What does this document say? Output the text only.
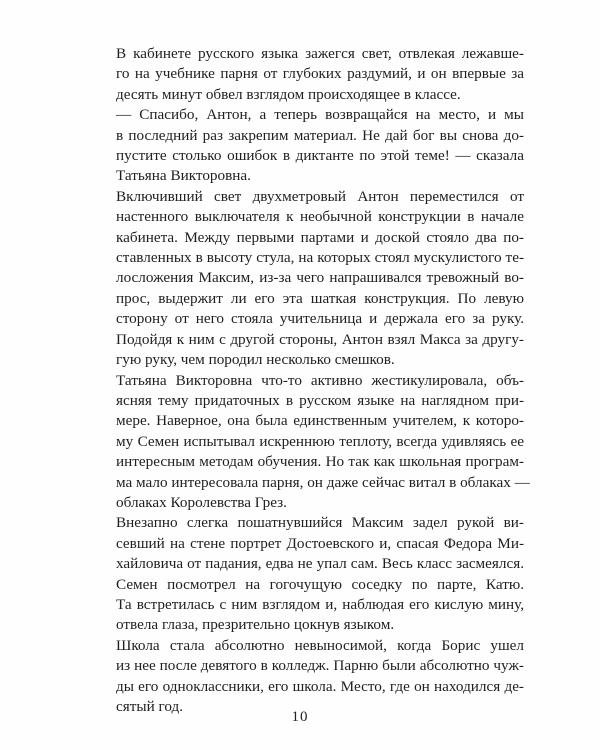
В кабинете русского языка зажегся свет, отвлекая лежавше-
го на учебнике парня от глубоких раздумий, и он впервые за
десять минут обвел взглядом происходящее в классе.

— Спасибо, Антон, а теперь возвращайся на место, и мы
в последний раз закрепим материал. Не дай бог вы снова до-
пустите столько ошибок в диктанте по этой теме! — сказала
Татьяна Викторовна.

Включивший свет двухметровый Антон переместился от
настенного выключателя к необычной конструкции в начале
кабинета. Между первыми партами и доской стояло два по-
ставленных в высоту стула, на которых стоял мускулистого те-
лосложения Максим, из-за чего напрашивался тревожный во-
прос, выдержит ли его эта шаткая конструкция. По левую
сторону от него стояла учительница и держала его за руку.
Подойдя к ним с другой стороны, Антон взял Макса за другу-
гую руку, чем породил несколько смешков.

Татьяна Викторовна что-то активно жестикулировала, объ-
ясняя тему придаточных в русском языке на наглядном при-
мере. Наверное, она была единственным учителем, к которо-
му Семен испытывал искреннюю теплоту, всегда удивляясь ее
интересным методам обучения. Но так как школьная програм-
ма мало интересовала парня, он даже сейчас витал в облаках —
облаках Королевства Грез.

Внезапно слегка пошатнувшийся Максим задел рукой ви-
севший на стене портрет Достоевского и, спасая Федора Ми-
хайловича от падания, едва не упал сам. Весь класс засмеялся.
Семен посмотрел на гогочущую соседку по парте, Катю.
Та встретилась с ним взглядом и, наблюдая его кислую мину,
отвела глаза, презрительно цокнув языком.

Школа стала абсолютно невыносимой, когда Борис ушел
из нее после девятого в колледж. Парню были абсолютно чуж-
ды его одноклассники, его школа. Место, где он находился де-
сятый год.

10
